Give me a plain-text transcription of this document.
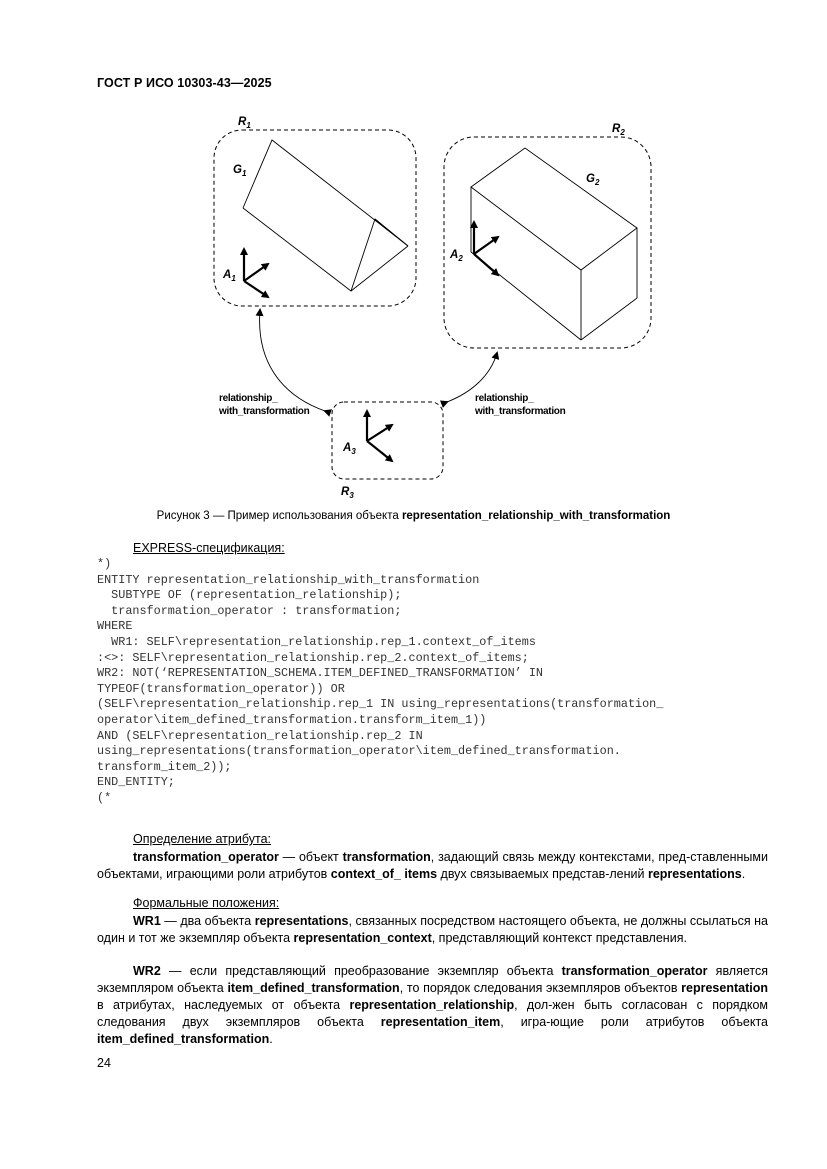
ГОСТ Р ИСО 10303-43—2025
$R_1$	$R_2$
$R_3$
$G_1$	$G_2$
$A_1$
$A_2$
$A_3$
relationship_
with_transformation
relationship_
with_transformation
Рисунок 3 — Пример использования объекта representation_relationship_with_transformation
EXPRESS-спецификация:
*)
ENTITY representation_relationship_with_transformation
SUBTYPE OF (representation_relationship);
transformation_operator : transformation;
WHERE
WR1: SELF\representation_relationship.rep_1.context_of_items
:<>: SELF\representation_relationship.rep_2.context_of_items;
WR2: NOT(‘REPRESENTATION_SCHEMA.ITEM_DEFINED_TRANSFORMATION’ IN
TYPEOF(transformation_operator)) OR
(SELF\representation_relationship.rep_1 IN using_representations(transformation_
operator\item_defined_transformation.transform_item_1))
AND (SELF\representation_relationship.rep_2 IN
using_representations(transformation_operator\item_defined_transformation.
transform_item_2));
END_ENTITY;
(*
Определение атрибута:
transformation_operator — объект transformation, задающий связь между контекстами, пред-ставленными объектами, играющими роли атрибутов context_of_ items двух связываемых представ-лений representations.
Формальные положения:
WR1 — два объекта representations, связанных посредством настоящего объекта, не должны ссылаться на один и тот же экземпляр объекта representation_context, представляющий контекст представления.
WR2 — если представляющий преобразование экземпляр объекта transformation_operator является экземпляром объекта item_defined_transformation, то порядок следования экземпляров объектов representation в атрибутах, наследуемых от объекта representation_relationship, дол-жен быть согласован с порядком следования двух экземпляров объекта representation_item, игра-ющие роли атрибутов объекта item_defined_transformation.
24
